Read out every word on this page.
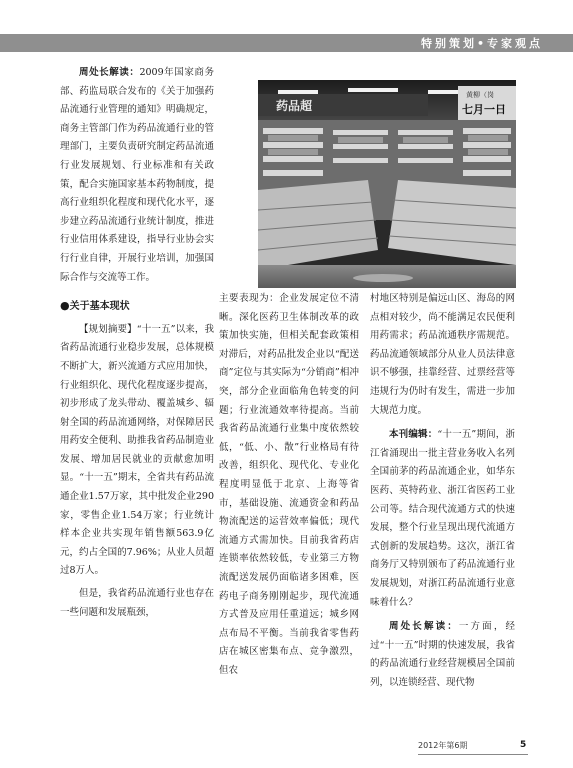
特别策划•专家观点
药品超
黄柳（岗
七月一日

周处长解读：2009年国家商务部、药监局联合发布的《关于加强药品流通行业管理的通知》明确规定，商务主管部门作为药品流通行业的管理部门，主要负责研究制定药品流通行业发展规划、行业标准和有关政策，配合实施国家基本药物制度，提高行业组织化程度和现代化水平，逐步建立药品流通行业统计制度，推进行业信用体系建设，指导行业协会实行行业自律，开展行业培训，加强国际合作与交流等工作。

●关于基本现状

【规划摘要】“十一五”以来，我省药品流通行业稳步发展，总体规模不断扩大，新兴流通方式应用加快，行业组织化、现代化程度逐步提高，初步形成了龙头带动、覆盖城乡、辐射全国的药品流通网络，对保障居民用药安全便利、助推我省药品制造业发展、增加居民就业的贡献愈加明显。“十一五”期末，全省共有药品流通企业1.57万家，其中批发企业290家，零售企业1.54万家；行业统计样本企业共实现年销售额563.9亿元，约占全国的7.96%；从业人员超过8万人。

但是，我省药品流通行业也存在一些问题和发展瓶颈，

主要表现为：企业发展定位不清晰。深化医药卫生体制改革的政策加快实施，但相关配套政策相对滞后，对药品批发企业以“配送商”定位与其实际为“分销商”相冲突，部分企业面临角色转变的问题；行业流通效率待提高。当前我省药品流通行业集中度依然较低，“低、小、散”行业格局有待改善，组织化、现代化、专业化程度明显低于北京、上海等省市，基础设施、流通资金和药品物流配送的运营效率偏低；现代流通方式需加快。目前我省药店连锁率依然较低，专业第三方物流配送发展仍面临诸多困难，医药电子商务刚刚起步，现代流通方式普及应用任重道远；城乡网点布局不平衡。当前我省零售药店在城区密集布点、竞争激烈，但农

村地区特别是偏远山区、海岛的网点相对较少，尚不能满足农民便利用药需求；药品流通秩序需规范。药品流通领域部分从业人员法律意识不够强，挂靠经营、过票经营等违规行为仍时有发生，需进一步加大规范力度。

本刊编辑：“十一五”期间，浙江省涌现出一批主营业务收入名列全国前茅的药品流通企业，如华东医药、英特药业、浙江省医药工业公司等。结合现代流通方式的快速发展，整个行业呈现出现代流通方式创新的发展趋势。这次，浙江省商务厅又特别颁布了药品流通行业发展规划，对浙江药品流通行业意味着什么？

周处长解读：一方面，经过“十一五”时期的快速发展，我省的药品流通行业经营规模居全国前列，以连锁经营、现代物

2012年第6期	5
